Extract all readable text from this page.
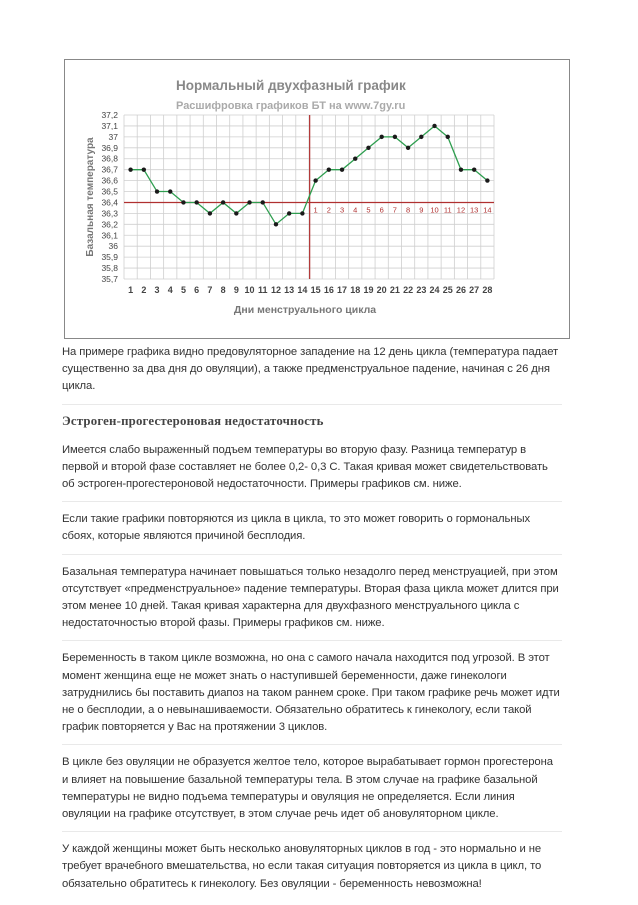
Нормальный двухфазный график
Расшифровка графиков БТ на www.7gy.ru
Базальная температура
Дни менструального цикла
37,2
37,1
37
36,9
36,8
36,7
36,6
36,5
36,4
36,3
36,2
36,1
36
35,9
35,8
35,7
1 2 3 4 5 6 7 8 9 10 11 12 13 14 15 16 17 18 19 20 21 22 23 24 25 26 27 28
1 2 3 4 5 6 7 8 9 10 11 12 13 14

На примере графика видно предовуляторное западение на 12 день цикла (температура падает существенно за два дня до овуляции), а также предменструальное падение, начиная с 26 дня цикла.

Эстроген-прогестероновая недостаточность

Имеется слабо выраженный подъем температуры во вторую фазу. Разница температур в первой и второй фазе составляет не более 0,2- 0,3 С. Такая кривая может свидетельствовать об эстроген-прогестероновой недостаточности. Примеры графиков см. ниже.

Если такие графики повторяются из цикла в цикла, то это может говорить о гормональных сбоях, которые являются причиной бесплодия.

Базальная температура начинает повышаться только незадолго перед менструацией, при этом отсутствует «предменструальное» падение температуры. Вторая фаза цикла может длится при этом менее 10 дней. Такая кривая характерна для двухфазного менструального цикла с недостаточностью второй фазы. Примеры графиков см. ниже.

Беременность в таком цикле возможна, но она с самого начала находится под угрозой. В этот момент женщина еще не может знать о наступившей беременности, даже гинекологи затруднились бы поставить диапоз на таком раннем сроке. При таком графике речь может идти не о бесплодии, а о невынашиваемости. Обязательно обратитесь к гинекологу, если такой график повторяется у Вас на протяжении 3 циклов.

В цикле без овуляции не образуется желтое тело, которое вырабатывает гормон прогестерона и влияет на повышение базальной температуры тела. В этом случае на графике базальной температуры не видно подъема температуры и овуляция не определяется. Если линия овуляции на графике отсутствует, в этом случае речь идет об ановуляторном цикле.

У каждой женщины может быть несколько ановуляторных циклов в год - это нормально и не требует врачебного вмешательства, но если такая ситуация повторяется из цикла в цикл, то обязательно обратитесь к гинекологу. Без овуляции - беременность невозможна!
